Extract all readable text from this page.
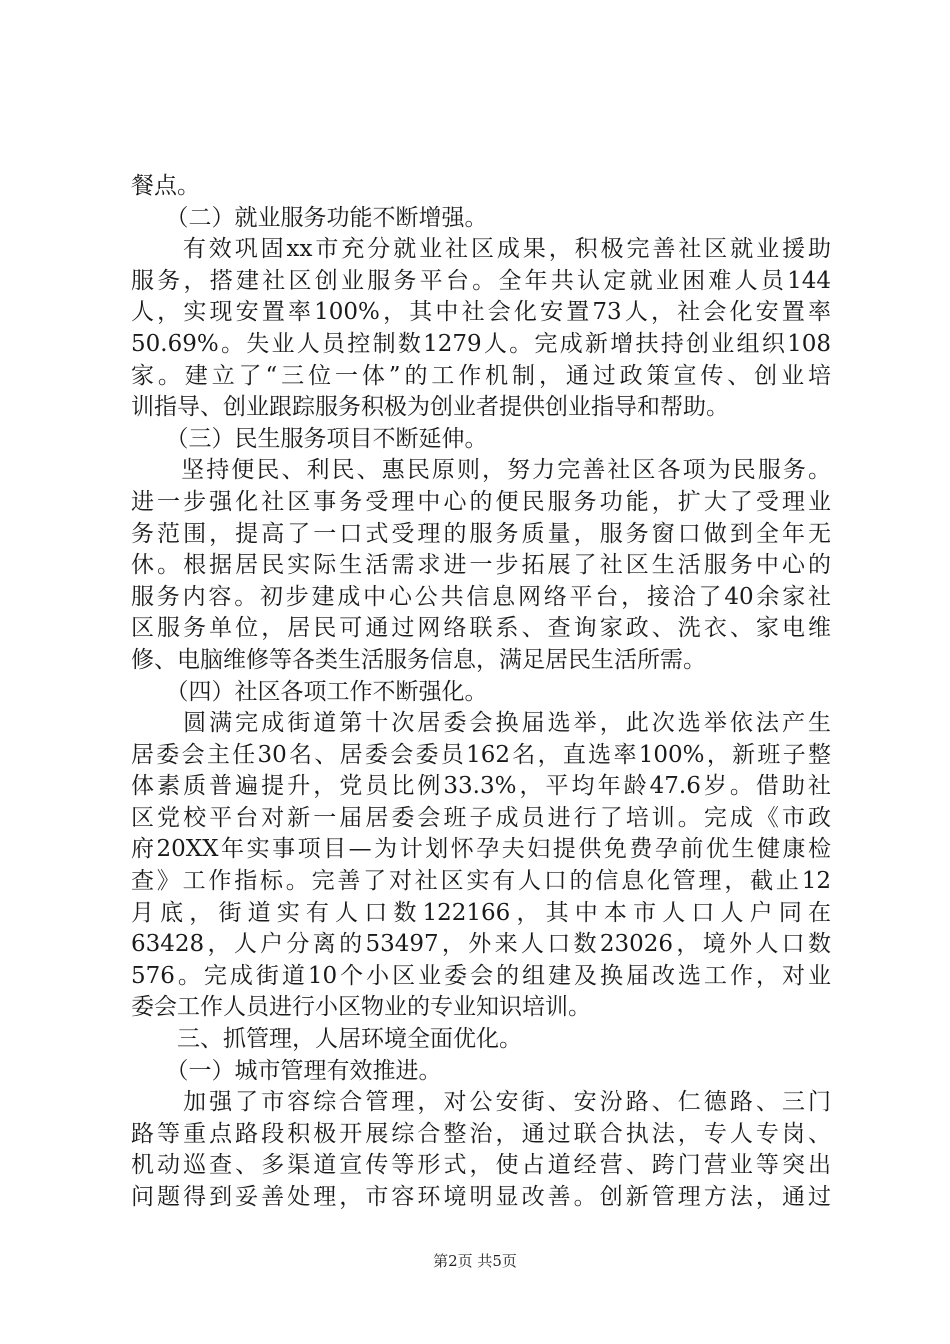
餐点。
　　（二）就业服务功能不断增强。
　　有效巩固xx市充分就业社区成果，积极完善社区就业援助
服务，搭建社区创业服务平台。全年共认定就业困难人员144
人，实现安置率100%，其中社会化安置73人，社会化安置率
50.69%。失业人员控制数1279人。完成新增扶持创业组织108
家。建立了“三位一体”的工作机制，通过政策宣传、创业培
训指导、创业跟踪服务积极为创业者提供创业指导和帮助。
　　（三）民生服务项目不断延伸。
　　坚持便民、利民、惠民原则，努力完善社区各项为民服务。
进一步强化社区事务受理中心的便民服务功能，扩大了受理业
务范围，提高了一口式受理的服务质量，服务窗口做到全年无
休。根据居民实际生活需求进一步拓展了社区生活服务中心的
服务内容。初步建成中心公共信息网络平台，接洽了40余家社
区服务单位，居民可通过网络联系、查询家政、洗衣、家电维
修、电脑维修等各类生活服务信息，满足居民生活所需。
　　（四）社区各项工作不断强化。
　　圆满完成街道第十次居委会换届选举，此次选举依法产生
居委会主任30名、居委会委员162名，直选率100%，新班子整
体素质普遍提升，党员比例33.3%，平均年龄47.6岁。借助社
区党校平台对新一届居委会班子成员进行了培训。完成《市政
府20XX年实事项目—为计划怀孕夫妇提供免费孕前优生健康检
查》工作指标。完善了对社区实有人口的信息化管理，截止12
月底，街道实有人口数122166，其中本市人口人户同在
63428，人户分离的53497，外来人口数23026，境外人口数
576。完成街道10个小区业委会的组建及换届改选工作，对业
委会工作人员进行小区物业的专业知识培训。
　　三、抓管理，人居环境全面优化。
　　（一）城市管理有效推进。
　　加强了市容综合管理，对公安街、安汾路、仁德路、三门
路等重点路段积极开展综合整治，通过联合执法，专人专岗、
机动巡查、多渠道宣传等形式，使占道经营、跨门营业等突出
问题得到妥善处理，市容环境明显改善。创新管理方法，通过
第2页 共5页
